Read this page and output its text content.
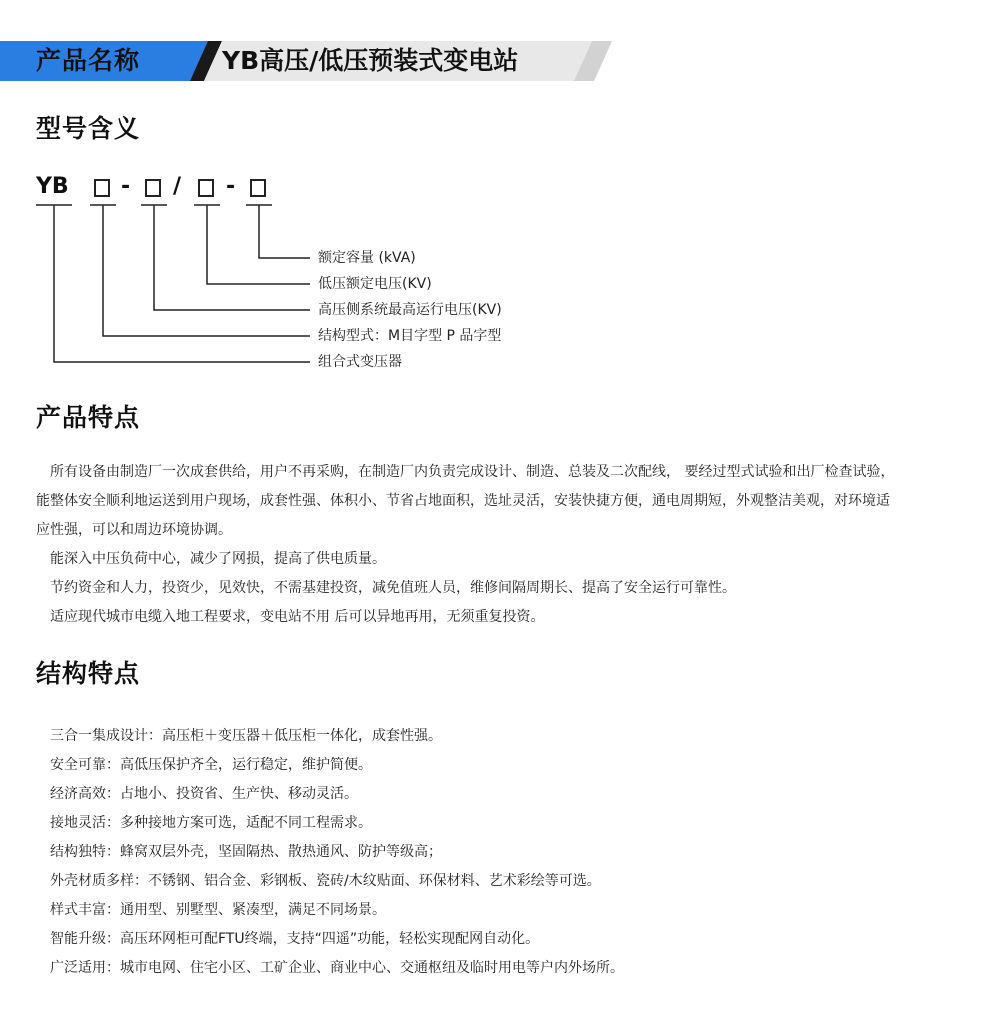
产品名称	YB高压/低压预装式变电站
型号含义
YB - / -
额定容量 (kVA)
低压额定电压(KV)
高压侧系统最高运行电压(KV)
结构型式：M目字型 P 品字型
组合式变压器
产品特点

所有设备由制造厂一次成套供给，用户不再采购，在制造厂内负责完成设计、制造、总装及二次配线， 要经过型式试验和出厂检查试验，能整体安全顺利地运送到用户现场，成套性强、体积小、节省占地面积，选址灵活，安装快捷方便，通电周期短，外观整洁美观，对环境适应性强，可以和周边环境协调。

能深入中压负荷中心，减少了网损，提高了供电质量。

节约资金和人力，投资少，见效快，不需基建投资，减免值班人员，维修间隔周期长、提高了安全运行可靠性。

适应现代城市电缆入地工程要求，变电站不用 后可以异地再用，无须重复投资。

结构特点

三合一集成设计：高压柜＋变压器＋低压柜一体化，成套性强。

安全可靠：高低压保护齐全，运行稳定，维护简便。

经济高效：占地小、投资省、生产快、移动灵活。

接地灵活：多种接地方案可选，适配不同工程需求。

结构独特：蜂窝双层外壳，坚固隔热、散热通风、防护等级高；

外壳材质多样：不锈钢、铝合金、彩钢板、瓷砖/木纹贴面、环保材料、艺术彩绘等可选。

样式丰富：通用型、别墅型、紧凑型，满足不同场景。

智能升级：高压环网柜可配FTU终端，支持“四遥”功能，轻松实现配网自动化。

广泛适用：城市电网、住宅小区、工矿企业、商业中心、交通枢纽及临时用电等户内外场所。
